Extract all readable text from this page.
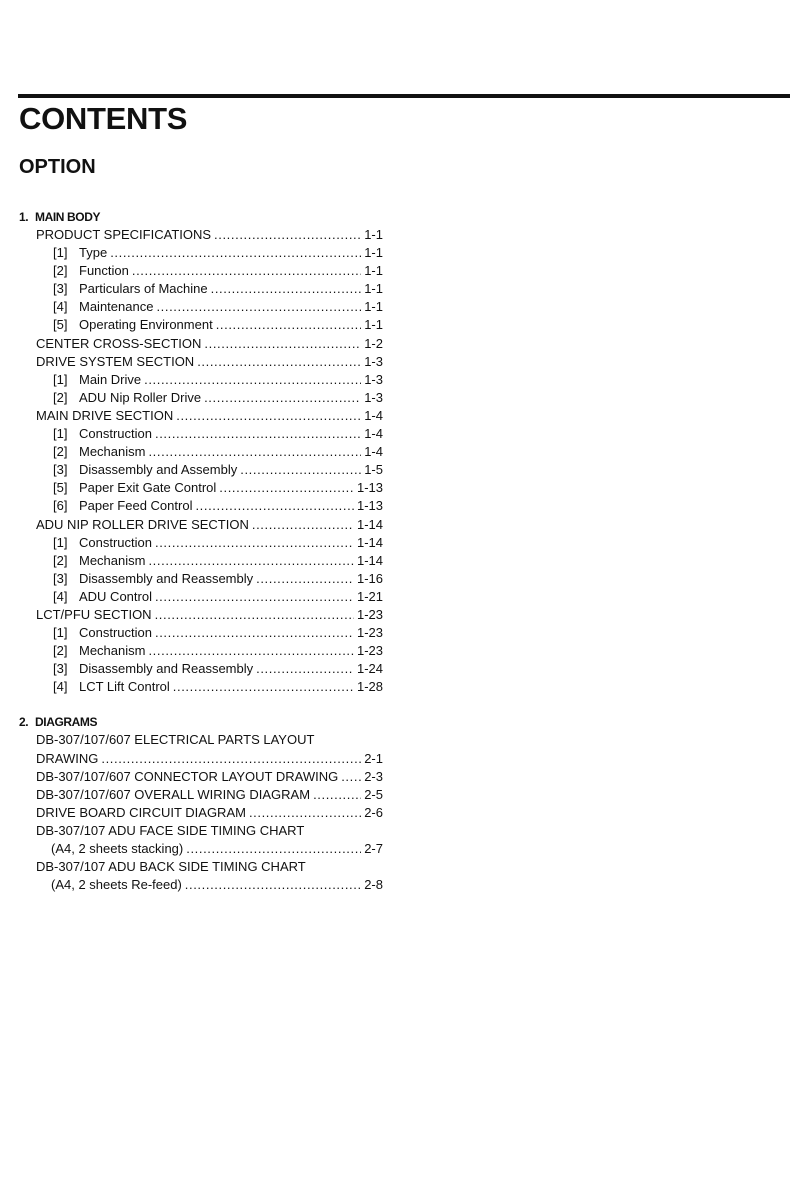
CONTENTS
OPTION
1. MAIN BODY
PRODUCT SPECIFICATIONS .....	1-1
[1] Type .....	1-1
[2] Function .....	1-1
[3] Particulars of Machine .....	1-1
[4] Maintenance .....	1-1
[5] Operating Environment .....	1-1
CENTER CROSS-SECTION .....	1-2
DRIVE SYSTEM SECTION .....	1-3
[1] Main Drive .....	1-3
[2] ADU Nip Roller Drive .....	1-3
MAIN DRIVE SECTION .....	1-4
[1] Construction .....	1-4
[2] Mechanism .....	1-4
[3] Disassembly and Assembly .....	1-5
[5] Paper Exit Gate Control .....	1-13
[6] Paper Feed Control .....	1-13
ADU NIP ROLLER DRIVE SECTION .....	1-14
[1] Construction .....	1-14
[2] Mechanism .....	1-14
[3] Disassembly and Reassembly .....	1-16
[4] ADU Control .....	1-21
LCT/PFU SECTION .....	1-23
[1] Construction .....	1-23
[2] Mechanism .....	1-23
[3] Disassembly and Reassembly .....	1-24
[4] LCT Lift Control .....	1-28
2. DIAGRAMS
DB-307/107/607 ELECTRICAL PARTS LAYOUT
DRAWING .....	2-1
DB-307/107/607 CONNECTOR LAYOUT DRAWING ..... 2-3
DB-307/107/607 OVERALL WIRING DIAGRAM .....	2-5
DRIVE BOARD CIRCUIT DIAGRAM .....	2-6
DB-307/107 ADU FACE SIDE TIMING CHART
(A4, 2 sheets stacking) .....	2-7
DB-307/107 ADU BACK SIDE TIMING CHART
(A4, 2 sheets Re-feed) .....	2-8
